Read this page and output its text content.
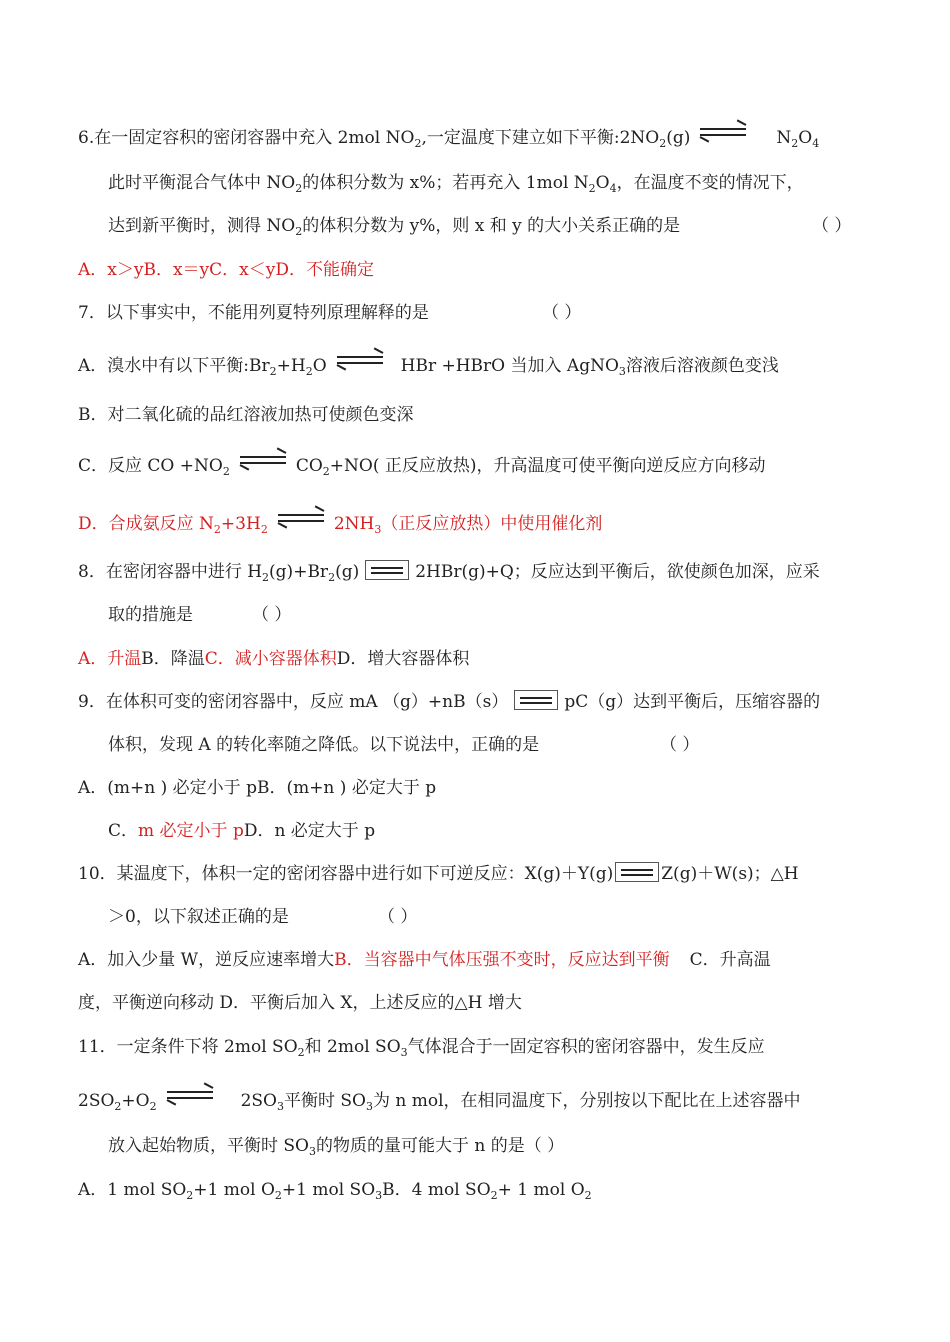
6.在一固定容积的密闭容器中充入 2mol $NO_2$,一定温度下建立如下平衡$:2NO_2(g)$	$N_2O_4$
此时平衡混合气体中 $NO_2$的体积分数为 x%；若再充入 1mol $N_2O_4$，在温度不变的情况下，
达到新平衡时，测得 $NO_2$的体积分数为 y%，则 x 和 y 的大小关系正确的是	（ ）
A．x＞yB．x＝yC．x＜yD．不能确定
7．以下事实中，不能用列夏特列原理解释的是	（ ）
A．溴水中有以下平衡$:Br_2+H_2O$	HBr +HBrO 当加入 AgNO$_3$溶液后溶液颜色变浅
B．对二氧化硫的品红溶液加热可使颜色变深
C．反应 CO $+NO_2$	$CO_2+NO$( 正反应放热)，升高温度可使平衡向逆反应方向移动
D．合成氨反应 $N_2+3H_2$	$2NH_3$（正反应放热）中使用催化剂
8．在密闭容器中进行 $H_2(g)+Br_2(g)$	2HBr(g)+Q；反应达到平衡后，欲使颜色加深，应采
取的措施是	（ ）
A．升温B．降温C．减小容器体积D．增大容器体积
9．在体积可变的密闭容器中，反应 mA （g）+nB（s）	pC（g）达到平衡后，压缩容器的
体积，发现 A 的转化率随之降低。以下说法中，正确的是	（ ）
A．(m+n ) 必定小于 pB．(m+n ) 必定大于 p
C．m 必定小于 pD．n 必定大于 p
10．某温度下，体积一定的密闭容器中进行如下可逆反应：X(g)＋Y(g)	Z(g)＋W(s)；△H
＞0，以下叙述正确的是	（ ）
A．加入少量 W，逆反应速率增大B．当容器中气体压强不变时，反应达到平衡 C．升高温
度，平衡逆向移动 D．平衡后加入 X，上述反应的△H 增大
11．一定条件下将 2mol $SO_2$和 2mol $SO_3$气体混合于一固定容积的密闭容器中，发生反应
$2SO_2+O_2$	$2SO_3$平衡时 $SO_3$为 n mol，在相同温度下，分别按以下配比在上述容器中
放入起始物质，平衡时 $SO_3$的物质的量可能大于 n 的是（ ）
A．1 mol $SO_2+1$ mol $O_2+1$ mol $SO_3B$．4 mol $SO_2+ 1$ mol $O_2$
